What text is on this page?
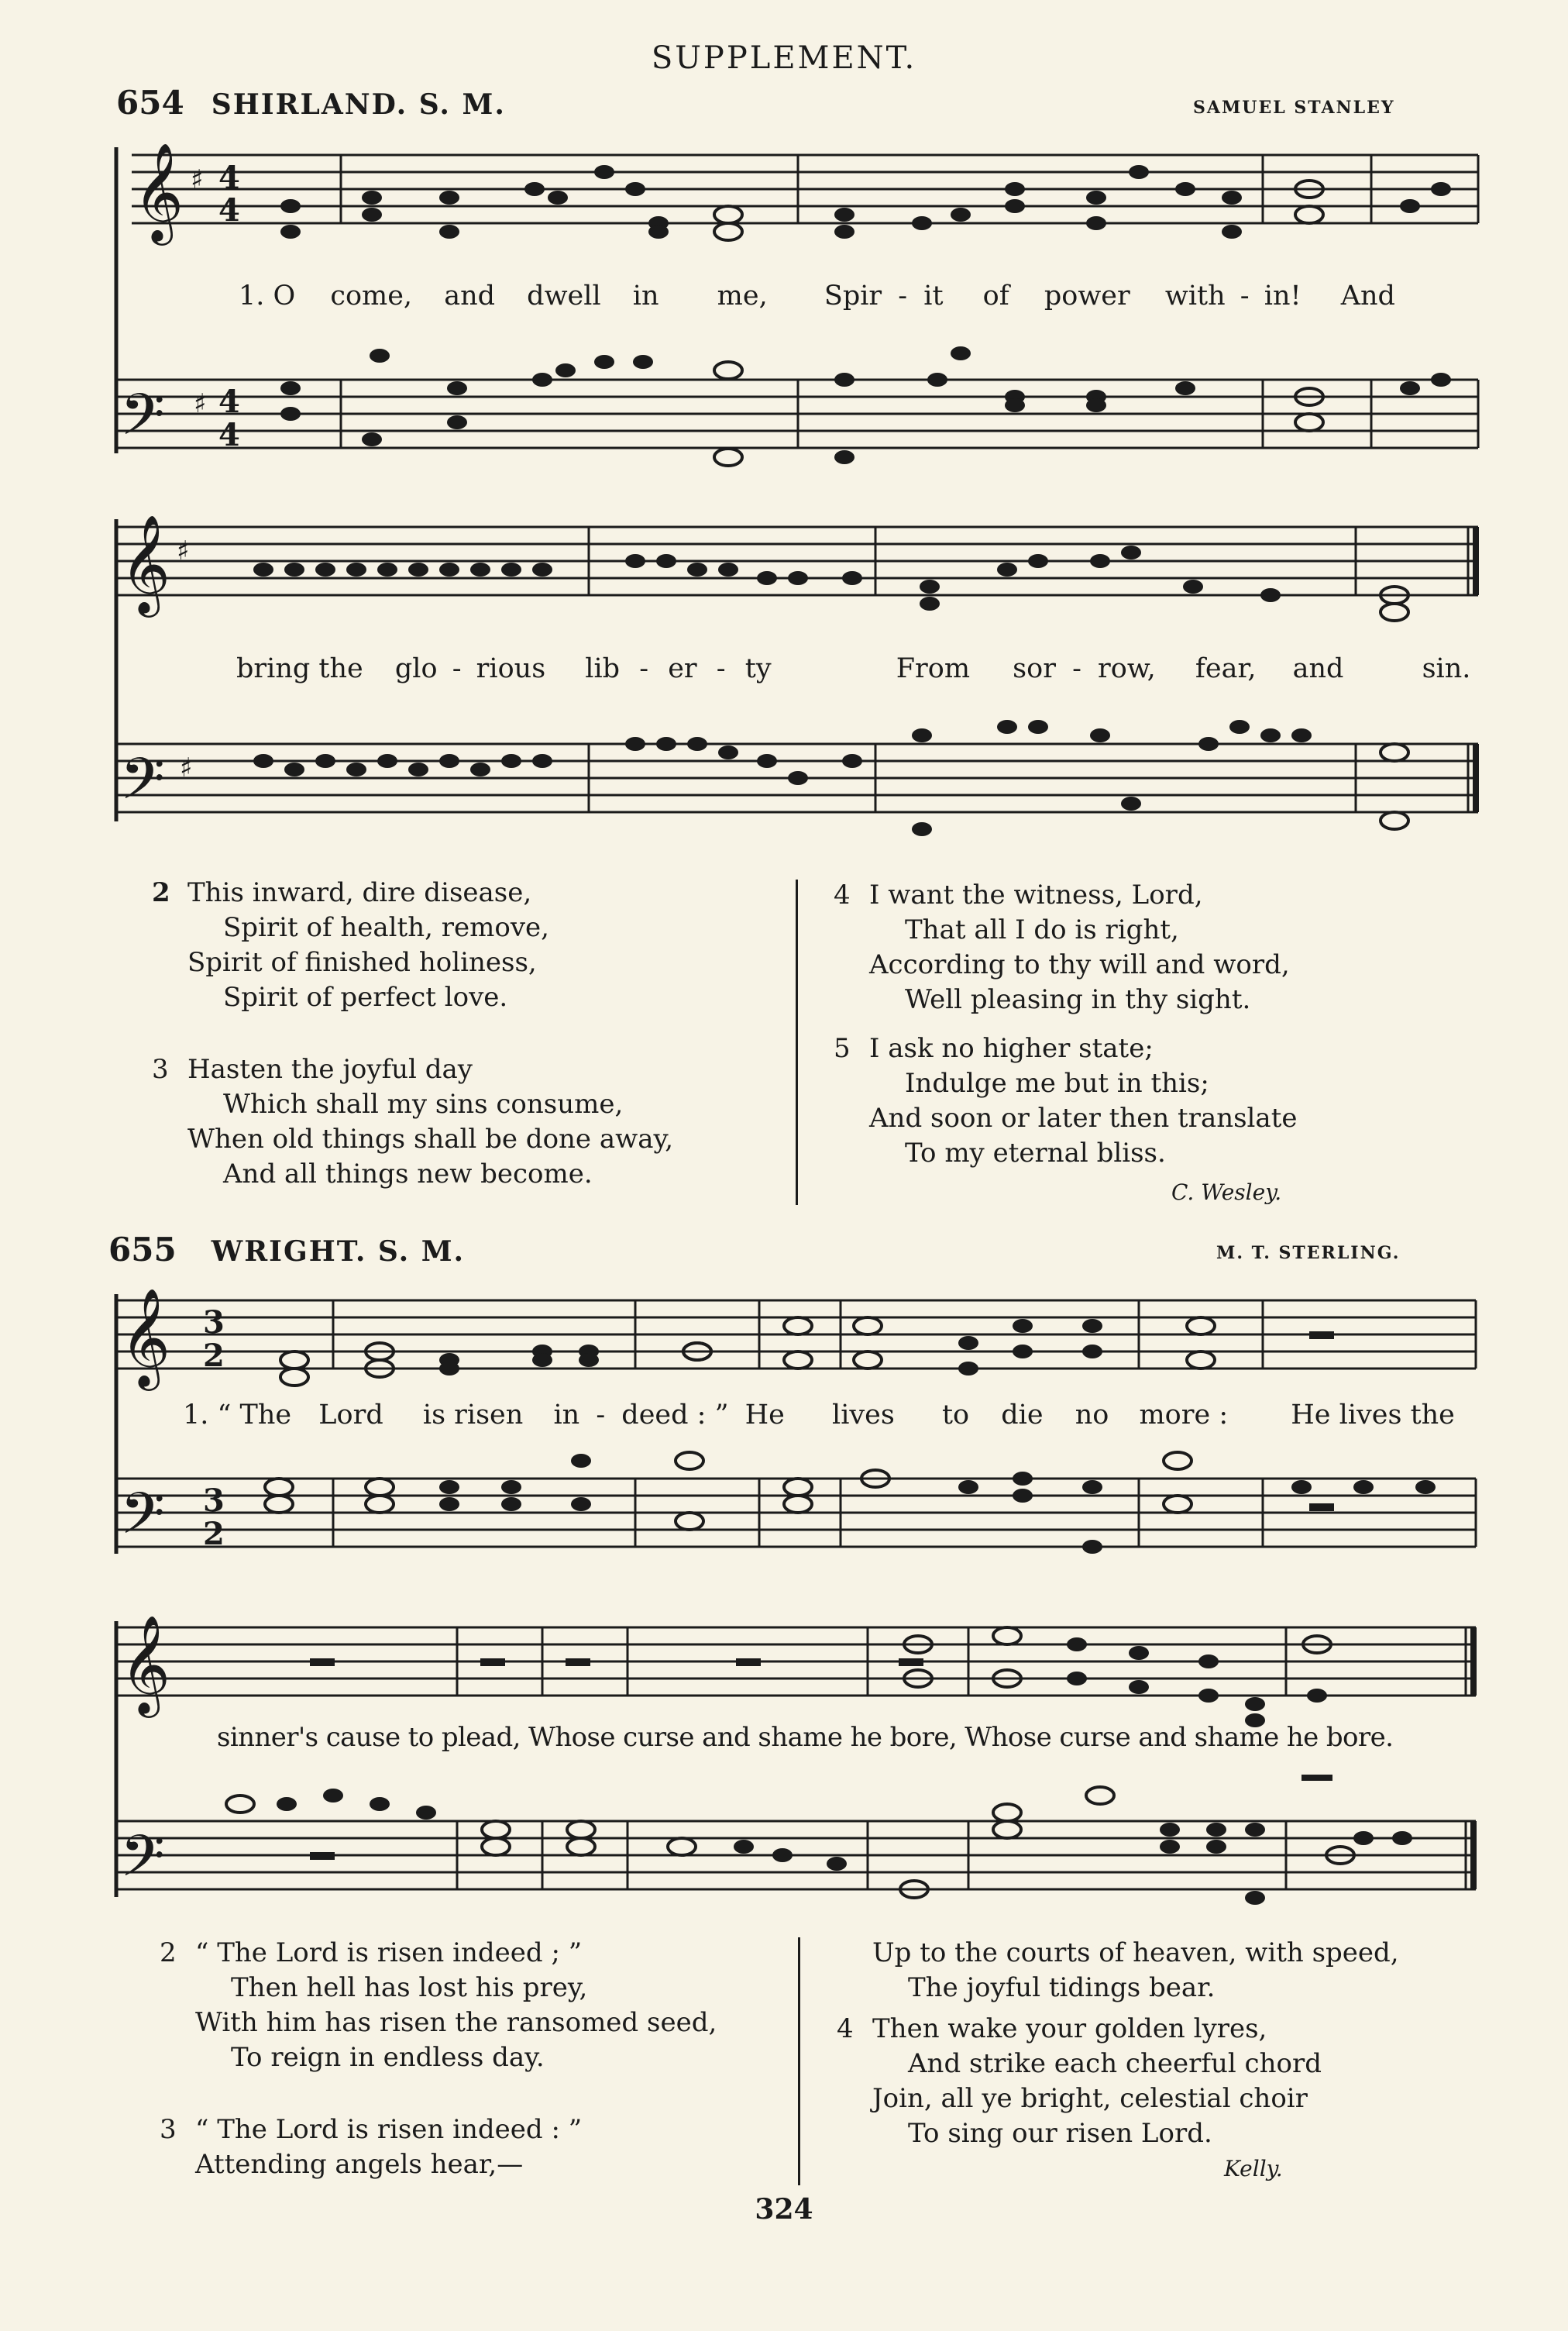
SUPPLEMENT.
654 SHIRLAND. S. M.	SAMUEL STANLEY
𝄞 ♯ 4
4
𝄢 ♯ 4
4
𝄞 ♯
𝄢 ♯
1. O come, and dwell in me, Spir - it of power with - in! And
bring the glo - rious lib - er - ty	From sor - row, fear, and	sin.
2 This inward, dire disease,
Spirit of health, remove,
Spirit of finished holiness,
Spirit of perfect love.
3 Hasten the joyful day
Which shall my sins consume,
When old things shall be done away,
And all things new become.
4 I want the witness, Lord,
That all I do is right,
According to thy will and word,
Well pleasing in thy sight.
5 I ask no higher state;
Indulge me but in this;
And soon or later then translate
To my eternal bliss.
C. Wesley.
655 WRIGHT. S. M.	M. T. STERLING.
𝄞 3
2
𝄢 3
2
𝄞
𝄢
1. “ The Lord is risen in - deed : ” He lives to die no more : He lives the
sinner's cause to plead, Whose curse and shame he bore, Whose curse and shame he bore.
2 “ The Lord is risen indeed ; ”
Then hell has lost his prey,
With him has risen the ransomed seed,
To reign in endless day.
3 “ The Lord is risen indeed : ”
Attending angels hear,—
Up to the courts of heaven, with speed,
The joyful tidings bear.
4 Then wake your golden lyres,
And strike each cheerful chord
Join, all ye bright, celestial choir
To sing our risen Lord.
Kelly.
324
